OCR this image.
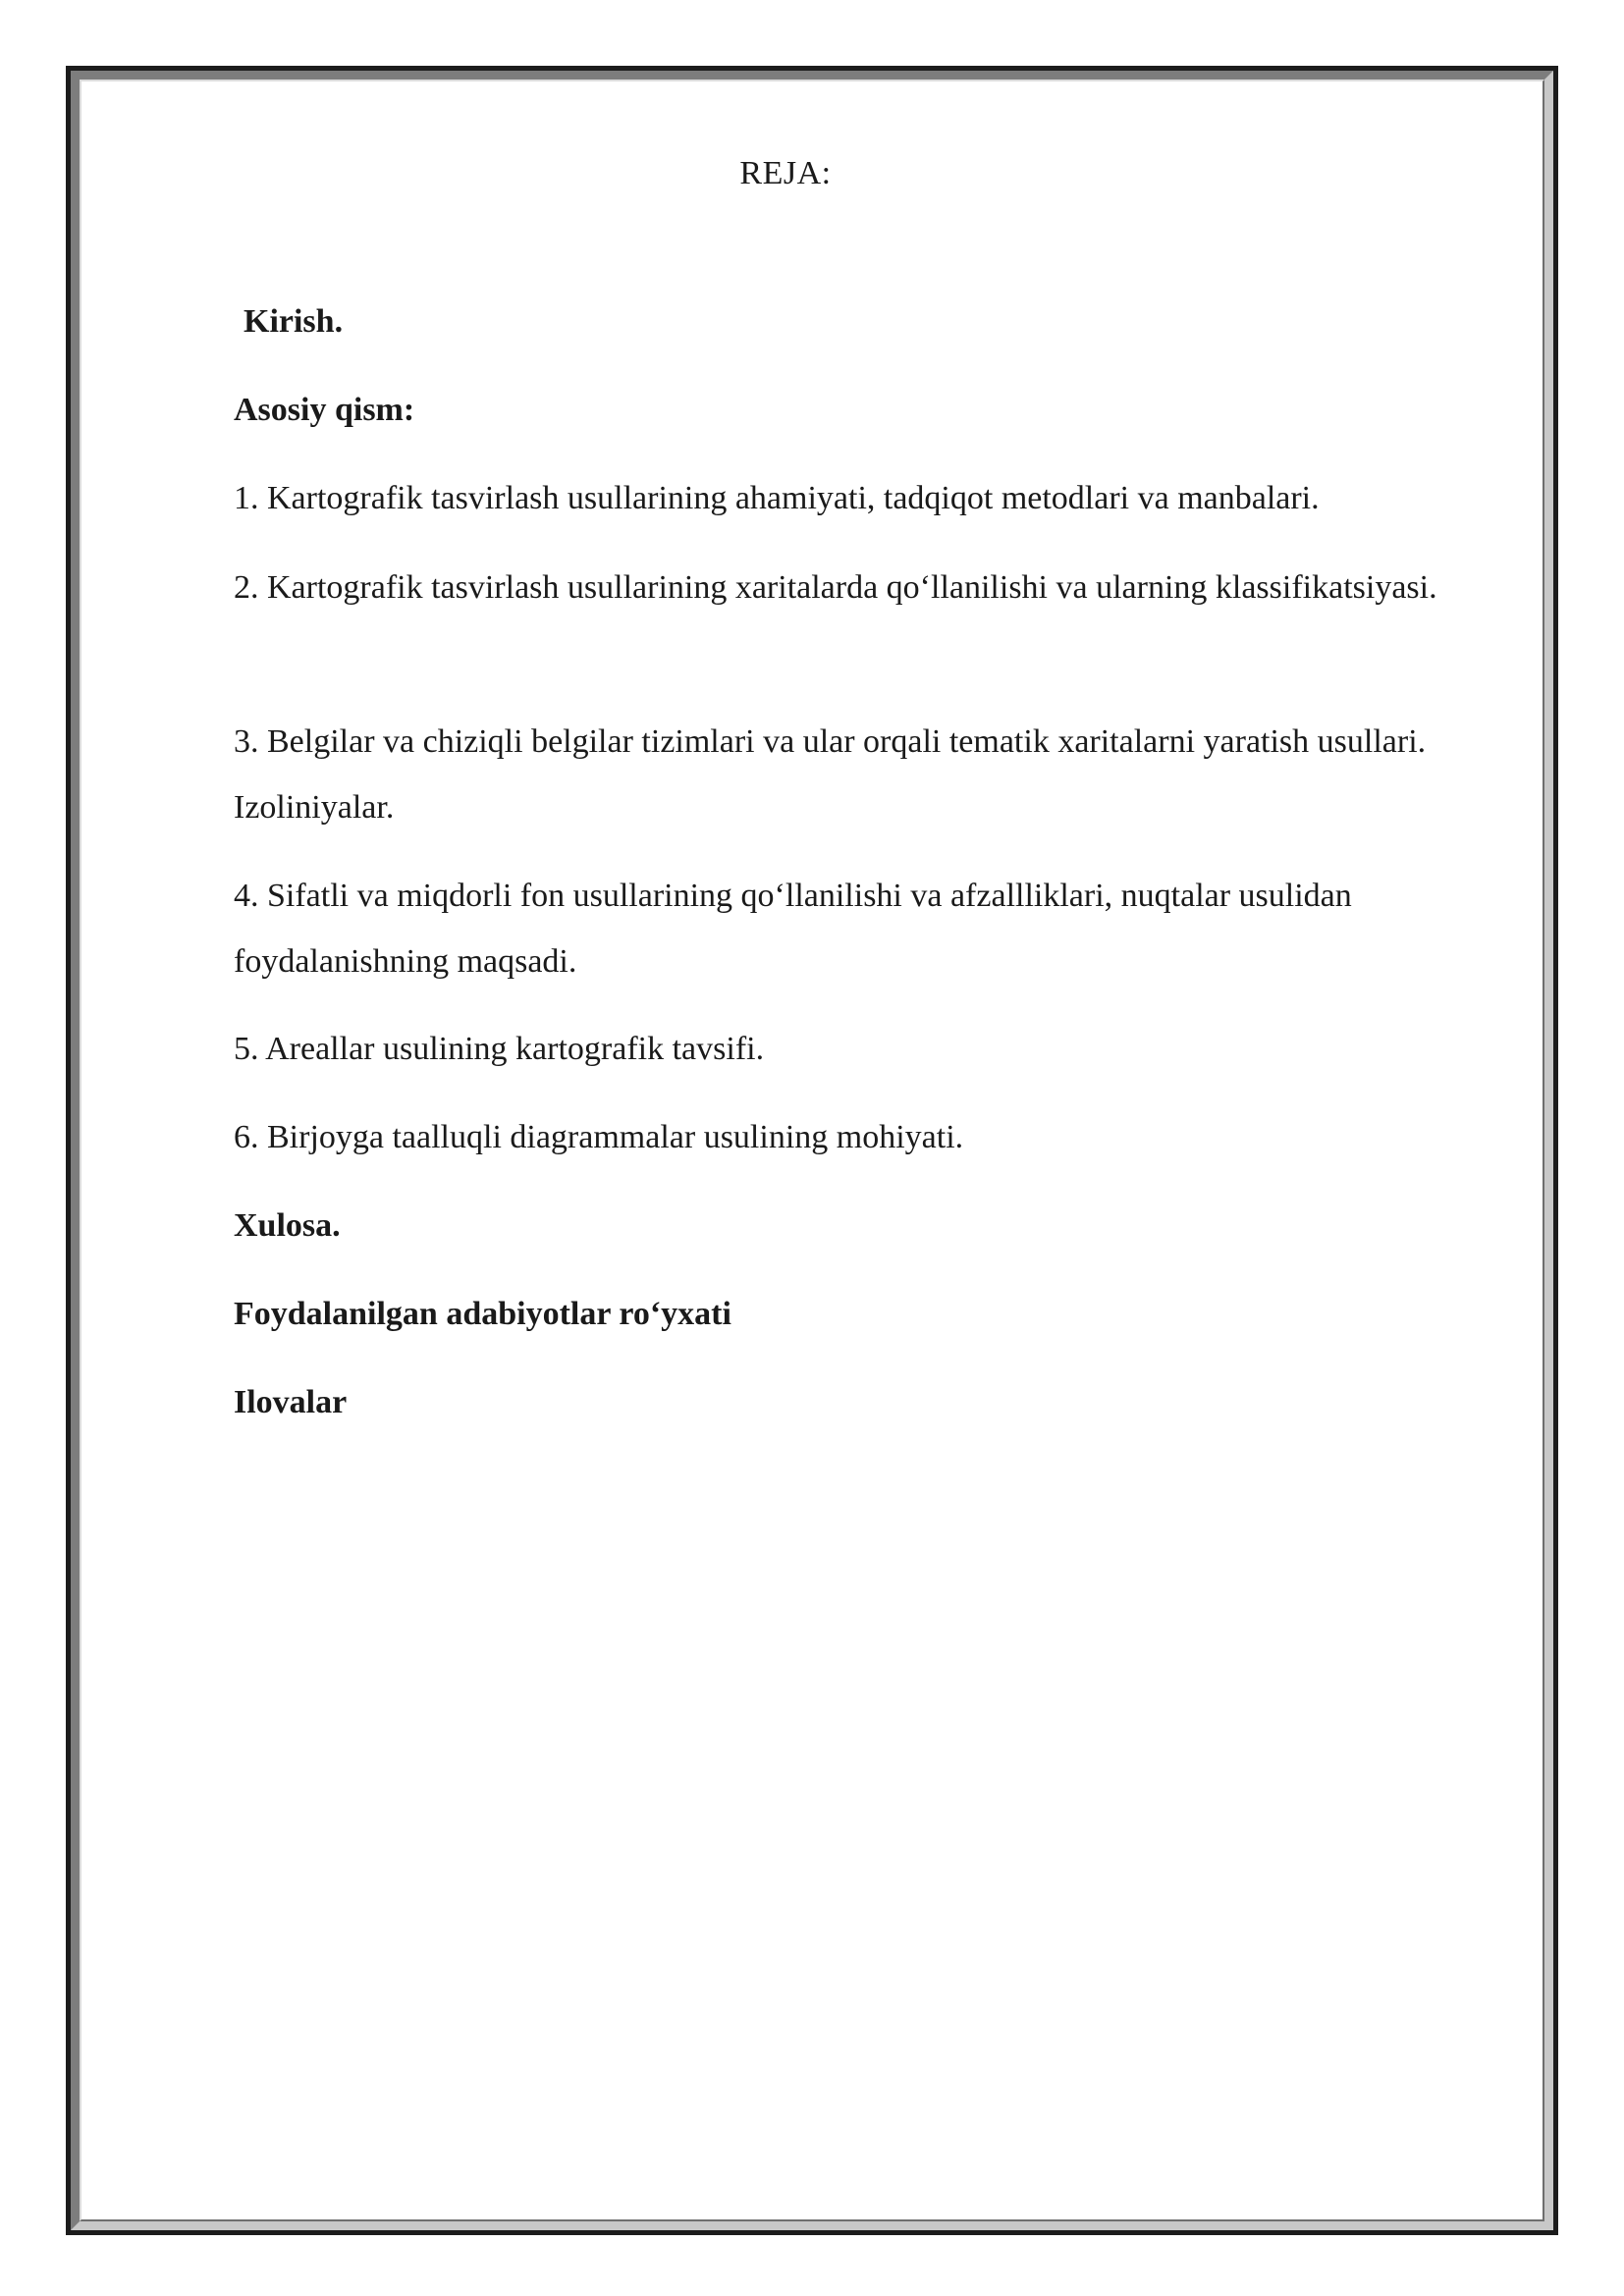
REJA:
Kirish.
Asosiy qism:
1. Kartografik tasvirlash usullarining ahamiyati, tadqiqot metodlari va manbalari.
2. Kartografik tasvirlash usullarining xaritalarda qo‘llanilishi va ularning klassifikatsiyasi.
3. Belgilar va chiziqli belgilar tizimlari va ular orqali tematik xaritalarni yaratish usullari. Izoliniyalar.
4. Sifatli va miqdorli fon usullarining qo‘llanilishi va afzallliklari, nuqtalar usulidan foydalanishning maqsadi.
5. Areallar usulining kartografik tavsifi.
6. Birjoyga taalluqli diagrammalar usulining mohiyati.
Xulosa.
Foydalanilgan adabiyotlar ro‘yxati
Ilovalar
